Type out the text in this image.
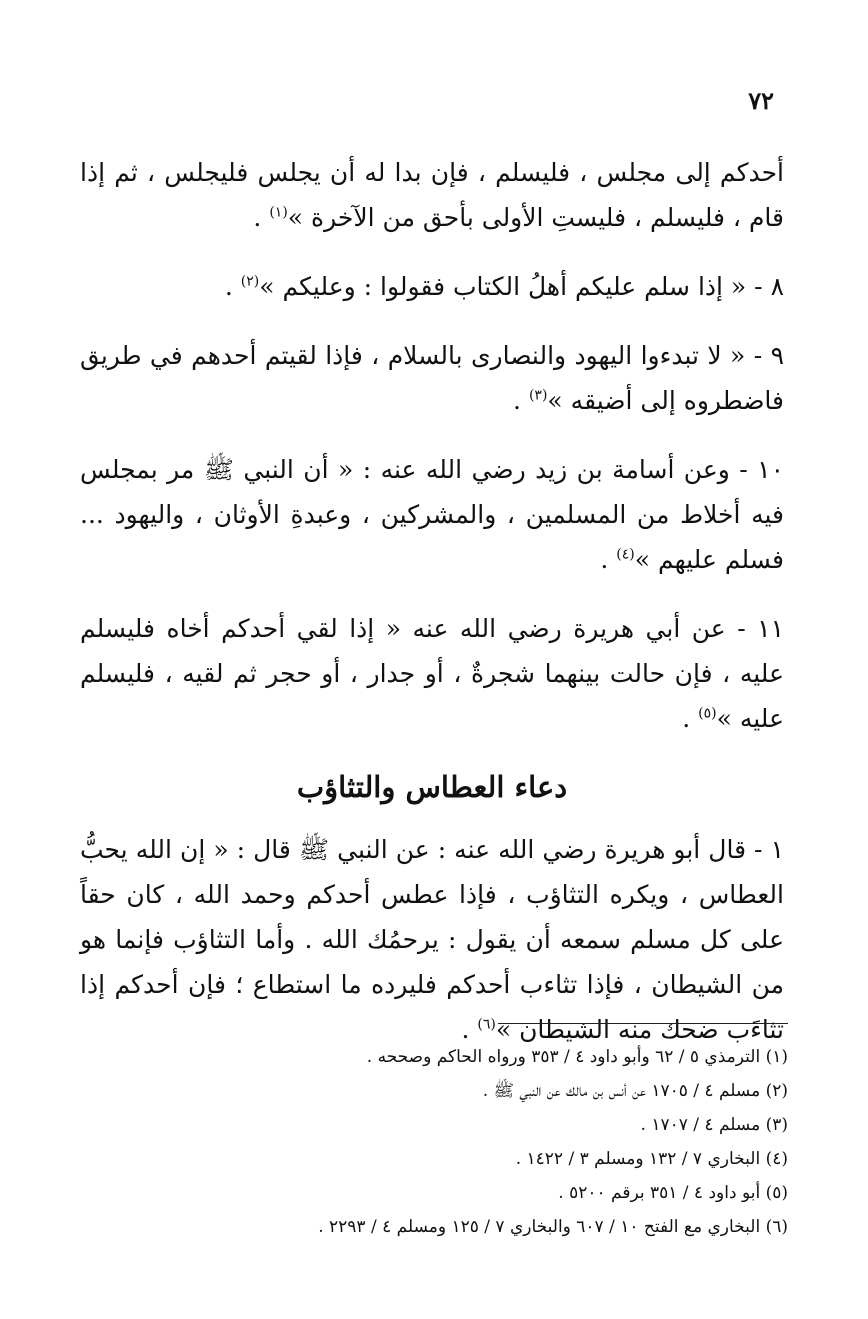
٧٢

أحدكم إلى مجلس ، فليسلم ، فإن بدا له أن يجلس فليجلس ، ثم إذا قام ، فليسلم ، فليستِ الأولى بأحق من الآخرة »$^{(١)}$ .

٨ - « إذا سلم عليكم أهلُ الكتاب فقولوا : وعليكم »$^{(٢)}$ .

٩ - « لا تبدءوا اليهود والنصارى بالسلام ، فإذا لقيتم أحدهم في طريق فاضطروه إلى أضيقه »$^{(٣)}$ .

١٠ - وعن أسامة بن زيد رضي الله عنه : « أن النبي ﷺ مر بمجلس فيه أخلاط من المسلمين ، والمشركين ، وعبدةِ الأوثان ، واليهود ... فسلم عليهم »$^{(٤)}$ .

١١ - عن أبي هريرة رضي الله عنه « إذا لقي أحدكم أخاه فليسلم عليه ، فإن حالت بينهما شجرةٌ ، أو جدار ، أو حجر ثم لقيه ، فليسلم عليه »$^{(٥)}$ .

دعاء العطاس والتثاؤب

١ - قال أبو هريرة رضي الله عنه : عن النبي ﷺ قال : « إن الله يحبُّ العطاس ، ويكره التثاؤب ، فإذا عطس أحدكم وحمد الله ، كان حقاً على كل مسلم سمعه أن يقول : يرحمُك الله . وأما التثاؤب فإنما هو من الشيطان ، فإذا تثاءب أحدكم فليرده ما استطاع ؛ فإن أحدكم إذا تثاءَب ضحك منه الشيطان »$^{(٦)}$ .

(١) الترمذي ٥ / ٦٢ وأبو داود ٤ / ٣٥٣ ورواه الحاكم وصححه .
(٢) مسلم ٤ / ١٧٠٥ عن أنس بن مالك عن النبي ﷺ .
(٣) مسلم ٤ / ١٧٠٧ .
(٤) البخاري ٧ / ١٣٢ ومسلم ٣ / ١٤٢٢ .
(٥) أبو داود ٤ / ٣٥١ برقم ٥٢٠٠ .
(٦) البخاري مع الفتح ١٠ / ٦٠٧ والبخاري ٧ / ١٢٥ ومسلم ٤ / ٢٢٩٣ .
